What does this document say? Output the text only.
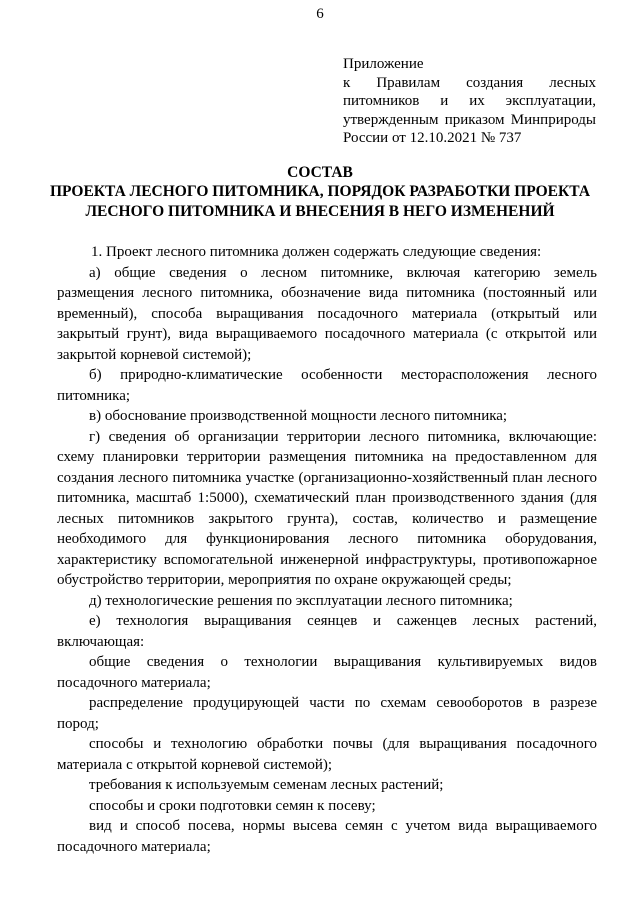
6
Приложение
к Правилам создания лесных
питомников и их эксплуатации,
утвержденным приказом Минприроды
России от 12.10.2021 № 737
СОСТАВ
ПРОЕКТА ЛЕСНОГО ПИТОМНИКА, ПОРЯДОК РАЗРАБОТКИ ПРОЕКТА
ЛЕСНОГО ПИТОМНИКА И ВНЕСЕНИЯ В НЕГО ИЗМЕНЕНИЙ
1. Проект лесного питомника должен содержать следующие сведения:
а) общие сведения о лесном питомнике, включая категорию земель
размещения лесного питомника, обозначение вида питомника (постоянный или
временный), способа выращивания посадочного материала (открытый или
закрытый грунт), вида выращиваемого посадочного материала (с открытой или
закрытой корневой системой);
б) природно-климатические особенности месторасположения лесного
питомника;
в) обоснование производственной мощности лесного питомника;
г) сведения об организации территории лесного питомника, включающие:
схему планировки территории размещения питомника на предоставленном для
создания лесного питомника участке (организационно-хозяйственный план лесного
питомника, масштаб 1:5000), схематический план производственного здания (для
лесных питомников закрытого грунта), состав, количество и размещение
необходимого для функционирования лесного питомника оборудования,
характеристику вспомогательной инженерной инфраструктуры, противопожарное
обустройство территории, мероприятия по охране окружающей среды;
д) технологические решения по эксплуатации лесного питомника;
е) технология выращивания сеянцев и саженцев лесных растений,
включающая:
общие сведения о технологии выращивания культивируемых видов
посадочного материала;
распределение продуцирующей части по схемам севооборотов в разрезе
пород;
способы и технологию обработки почвы (для выращивания посадочного
материала с открытой корневой системой);
требования к используемым семенам лесных растений;
способы и сроки подготовки семян к посеву;
вид и способ посева, нормы высева семян с учетом вида выращиваемого
посадочного материала;
